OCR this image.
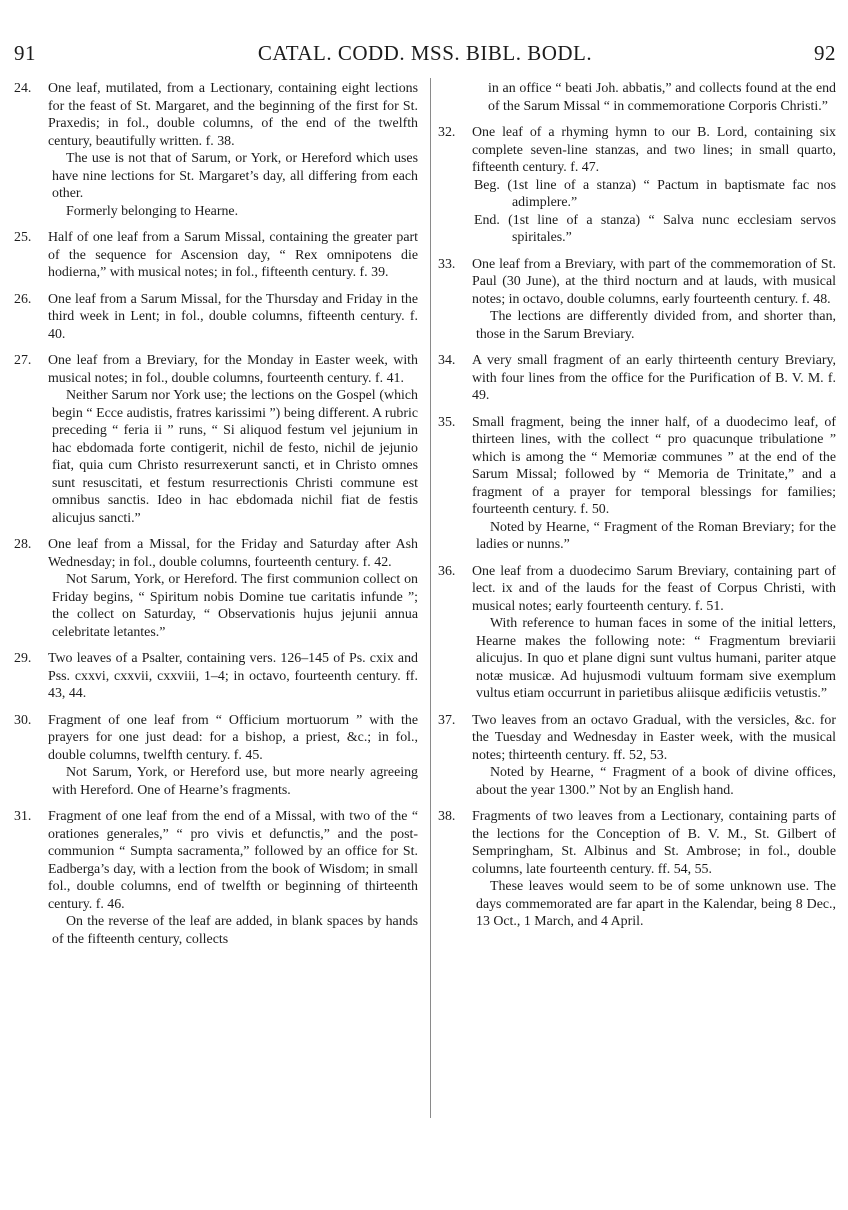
CATAL. CODD. MSS. BIBL. BODL.
91	92

24. One leaf, mutilated, from a Lectionary, containing eight lections for the feast of St. Margaret, and the beginning of the first for St. Praxedis; in fol., double columns, of the end of the twelfth century, beautifully written. f. 38.

The use is not that of Sarum, or York, or Hereford which uses have nine lections for St. Margaret’s day, all differing from each other.

Formerly belonging to Hearne.

25. Half of one leaf from a Sarum Missal, containing the greater part of the sequence for Ascension day, “ Rex omnipotens die hodierna,” with musical notes; in fol., fifteenth century. f. 39.

26. One leaf from a Sarum Missal, for the Thursday and Friday in the third week in Lent; in fol., double columns, fifteenth century. f. 40.

27. One leaf from a Breviary, for the Monday in Easter week, with musical notes; in fol., double columns, fourteenth century. f. 41.

Neither Sarum nor York use; the lections on the Gospel (which begin “ Ecce audistis, fratres karissimi ”) being different. A rubric preceding “ feria ii ” runs, “ Si aliquod festum vel jejunium in hac ebdomada forte contigerit, nichil de festo, nichil de jejunio fiat, quia cum Christo resurrexerunt sancti, et in Christo omnes sunt resuscitati, et festum resurrectionis Christi commune est omnibus sanctis. Ideo in hac ebdomada nichil fiat de festis alicujus sancti.”

28. One leaf from a Missal, for the Friday and Saturday after Ash Wednesday; in fol., double columns, fourteenth century. f. 42.

Not Sarum, York, or Hereford. The first communion collect on Friday begins, “ Spiritum nobis Domine tue caritatis infunde ”; the collect on Saturday, “ Observationis hujus jejunii annua celebritate letantes.”

29. Two leaves of a Psalter, containing vers. 126–145 of Ps. cxix and Pss. cxxvi, cxxvii, cxxviii, 1–4; in octavo, fourteenth century. ff. 43, 44.

30. Fragment of one leaf from “ Officium mortuorum ” with the prayers for one just dead: for a bishop, a priest, &c.; in fol., double columns, twelfth century. f. 45.

Not Sarum, York, or Hereford use, but more nearly agreeing with Hereford. One of Hearne’s fragments.

31. Fragment of one leaf from the end of a Missal, with two of the “ orationes generales,” “ pro vivis et defunctis,” and the post-communion “ Sumpta sacramenta,” followed by an office for St. Eadberga’s day, with a lection from the book of Wisdom; in small fol., double columns, end of twelfth or beginning of thirteenth century. f. 46.

On the reverse of the leaf are added, in blank spaces by hands of the fifteenth century, collects

in an office “ beati Joh. abbatis,” and collects found at the end of the Sarum Missal “ in commemoratione Corporis Christi.”

32. One leaf of a rhyming hymn to our B. Lord, containing six complete seven-line stanzas, and two lines; in small quarto, fifteenth century. f. 47.

Beg. (1st line of a stanza) “ Pactum in baptismate fac nos adimplere.”

End. (1st line of a stanza) “ Salva nunc ecclesiam servos spiritales.”

33. One leaf from a Breviary, with part of the commemoration of St. Paul (30 June), at the third nocturn and at lauds, with musical notes; in octavo, double columns, early fourteenth century. f. 48.

The lections are differently divided from, and shorter than, those in the Sarum Breviary.

34. A very small fragment of an early thirteenth century Breviary, with four lines from the office for the Purification of B. V. M. f. 49.

35. Small fragment, being the inner half, of a duodecimo leaf, of thirteen lines, with the collect “ pro quacunque tribulatione ” which is among the “ Memoriæ communes ” at the end of the Sarum Missal; followed by “ Memoria de Trinitate,” and a fragment of a prayer for temporal blessings for families; fourteenth century. f. 50.

Noted by Hearne, “ Fragment of the Roman Breviary; for the ladies or nunns.”

36. One leaf from a duodecimo Sarum Breviary, containing part of lect. ix and of the lauds for the feast of Corpus Christi, with musical notes; early fourteenth century. f. 51.

With reference to human faces in some of the initial letters, Hearne makes the following note: “ Fragmentum breviarii alicujus. In quo et plane digni sunt vultus humani, pariter atque notæ musicæ. Ad hujusmodi vultuum formam sive exemplum vultus etiam occurrunt in parietibus aliisque ædificiis vetustis.”

37. Two leaves from an octavo Gradual, with the versicles, &c. for the Tuesday and Wednesday in Easter week, with the musical notes; thirteenth century. ff. 52, 53.

Noted by Hearne, “ Fragment of a book of divine offices, about the year 1300.” Not by an English hand.

38. Fragments of two leaves from a Lectionary, containing parts of the lections for the Conception of B. V. M., St. Gilbert of Sempringham, St. Albinus and St. Ambrose; in fol., double columns, late fourteenth century. ff. 54, 55.

These leaves would seem to be of some unknown use. The days commemorated are far apart in the Kalendar, being 8 Dec., 13 Oct., 1 March, and 4 April.
